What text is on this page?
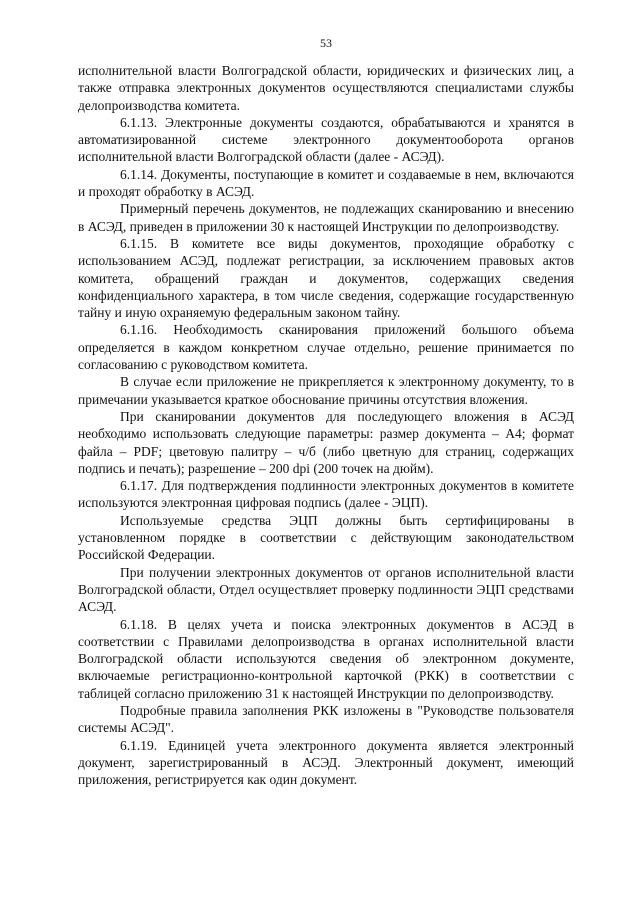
53

исполнительной власти Волгоградской области, юридических и физических лиц, а также отправка электронных документов осуществляются специалистами службы делопроизводства комитета.

6.1.13. Электронные документы создаются, обрабатываются и хранятся в автоматизированной системе электронного документооборота органов исполнительной власти Волгоградской области (далее - АСЭД).

6.1.14. Документы, поступающие в комитет и создаваемые в нем, включаются и проходят обработку в АСЭД.

Примерный перечень документов, не подлежащих сканированию и внесению в АСЭД, приведен в приложении 30 к настоящей Инструкции по делопроизводству.

6.1.15. В комитете все виды документов, проходящие обработку с использованием АСЭД, подлежат регистрации, за исключением правовых актов комитета, обращений граждан и документов, содержащих сведения конфиденциального характера, в том числе сведения, содержащие государственную тайну и иную охраняемую федеральным законом тайну.

6.1.16. Необходимость сканирования приложений большого объема определяется в каждом конкретном случае отдельно, решение принимается по согласованию с руководством комитета.

В случае если приложение не прикрепляется к электронному документу, то в примечании указывается краткое обоснование причины отсутствия вложения.

При сканировании документов для последующего вложения в АСЭД необходимо использовать следующие параметры: размер документа – А4; формат файла – PDF; цветовую палитру – ч/б (либо цветную для страниц, содержащих подпись и печать); разрешение – 200 dpi (200 точек на дюйм).

6.1.17. Для подтверждения подлинности электронных документов в комитете используются электронная цифровая подпись (далее - ЭЦП).

Используемые средства ЭЦП должны быть сертифицированы в установленном порядке в соответствии с действующим законодательством Российской Федерации.

При получении электронных документов от органов исполнительной власти Волгоградской области, Отдел осуществляет проверку подлинности ЭЦП средствами АСЭД.

6.1.18. В целях учета и поиска электронных документов в АСЭД в соответствии с Правилами делопроизводства в органах исполнительной власти Волгоградской области используются сведения об электронном документе, включаемые регистрационно-контрольной карточкой (РКК) в соответствии с таблицей согласно приложению 31 к настоящей Инструкции по делопроизводству.

Подробные правила заполнения РКК изложены в "Руководстве пользователя системы АСЭД".

6.1.19. Единицей учета электронного документа является электронный документ, зарегистрированный в АСЭД. Электронный документ, имеющий приложения, регистрируется как один документ.
